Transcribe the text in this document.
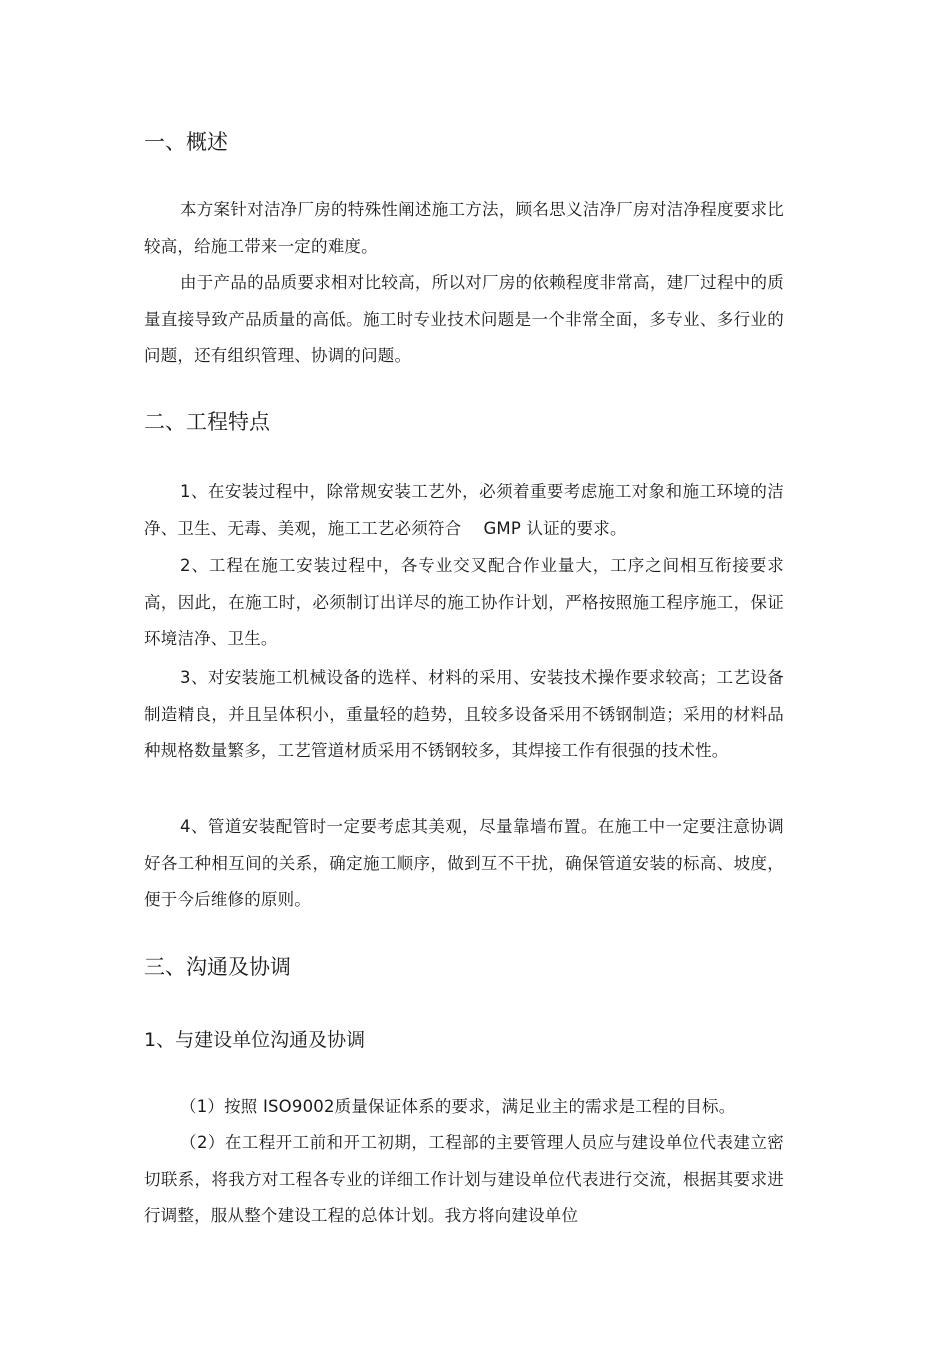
一、概述
本方案针对洁净厂房的特殊性阐述施工方法，顾名思义洁净厂房对洁净程度要求比较高，给施工带来一定的难度。
由于产品的品质要求相对比较高，所以对厂房的依赖程度非常高，建厂过程中的质量直接导致产品质量的高低。施工时专业技术问题是一个非常全面，多专业、多行业的问题，还有组织管理、协调的问题。
二、工程特点
1、在安装过程中，除常规安装工艺外，必须着重要考虑施工对象和施工环境的洁净、卫生、无毒、美观，施工工艺必须符合　 GMP 认证的要求。
2、工程在施工安装过程中，各专业交叉配合作业量大，工序之间相互衔接要求高，因此，在施工时，必须制订出详尽的施工协作计划，严格按照施工程序施工，保证环境洁净、卫生。
3、对安装施工机械设备的选样、材料的采用、安装技术操作要求较高；工艺设备制造精良，并且呈体积小，重量轻的趋势，且较多设备采用不锈钢制造；采用的材料品种规格数量繁多，工艺管道材质采用不锈钢较多，其焊接工作有很强的技术性。
4、管道安装配管时一定要考虑其美观，尽量靠墙布置。在施工中一定要注意协调好各工种相互间的关系，确定施工顺序，做到互不干扰，确保管道安装的标高、坡度，便于今后维修的原则。
三、沟通及协调
1、与建设单位沟通及协调
（1）按照 ISO9002质量保证体系的要求，满足业主的需求是工程的目标。
（2）在工程开工前和开工初期，工程部的主要管理人员应与建设单位代表建立密切联系，将我方对工程各专业的详细工作计划与建设单位代表进行交流，根据其要求进行调整，服从整个建设工程的总体计划。我方将向建设单位
